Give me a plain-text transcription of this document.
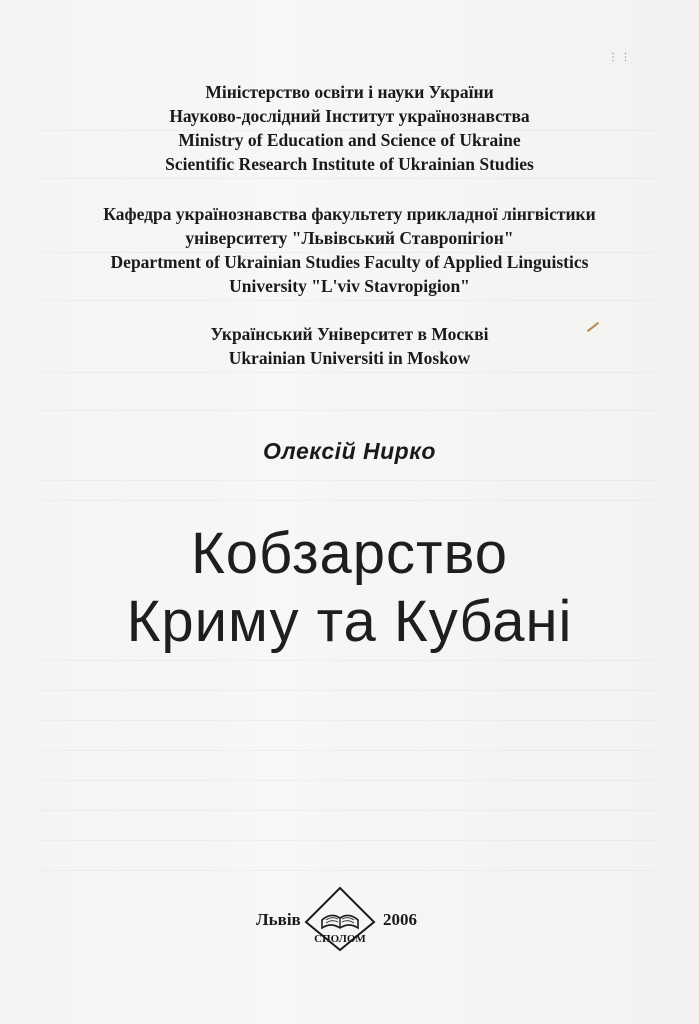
⋮ ⋮
Міністерство освіти і науки України
Науково-дослідний Інститут українознавства
Ministry of Education and Science of Ukraine
Scientific Research Institute of Ukrainian Studies
Кафедра українознавства факультету прикладної лінгвістики
університету "Львівський Ставропігіон"
Department of Ukrainian Studies Faculty of Applied Linguistics
University "L'viv Stavropigion"
Український Університет в Москві
Ukrainian Universiti in Moskow
Олексій Нирко
Кобзарство
Криму та Кубані
Львів
СПОЛОМ
2006
